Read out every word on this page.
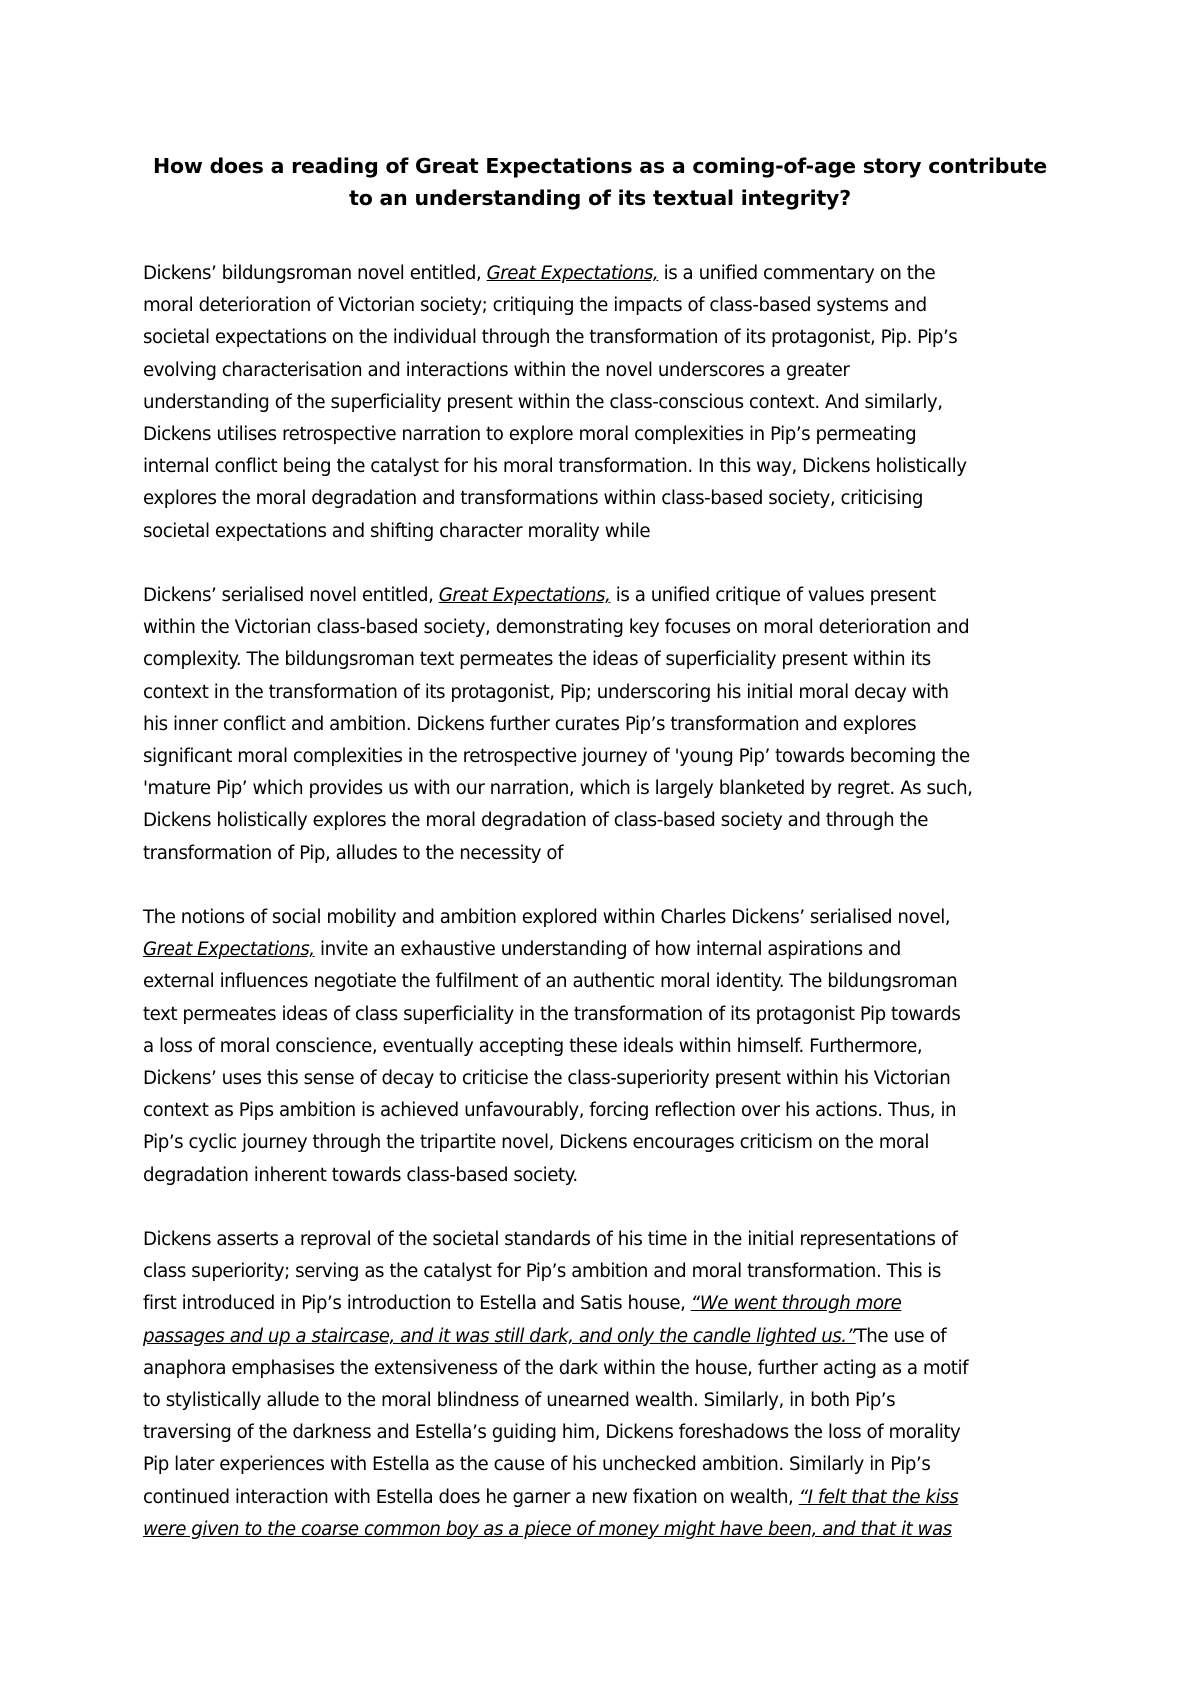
How does a reading of Great Expectations as a coming-of-age story contribute
to an understanding of its textual integrity?
Dickens’ bildungsroman novel entitled, Great Expectations, is a unified commentary on the
moral deterioration of Victorian society; critiquing the impacts of class-based systems and
societal expectations on the individual through the transformation of its protagonist, Pip. Pip’s
evolving characterisation and interactions within the novel underscores a greater
understanding of the superficiality present within the class-conscious context. And similarly,
Dickens utilises retrospective narration to explore moral complexities in Pip’s permeating
internal conflict being the catalyst for his moral transformation. In this way, Dickens holistically
explores the moral degradation and transformations within class-based society, criticising
societal expectations and shifting character morality while
Dickens’ serialised novel entitled, Great Expectations, is a unified critique of values present
within the Victorian class-based society, demonstrating key focuses on moral deterioration and
complexity. The bildungsroman text permeates the ideas of superficiality present within its
context in the transformation of its protagonist, Pip; underscoring his initial moral decay with
his inner conflict and ambition. Dickens further curates Pip’s transformation and explores
significant moral complexities in the retrospective journey of 'young Pip’ towards becoming the
'mature Pip’ which provides us with our narration, which is largely blanketed by regret. As such,
Dickens holistically explores the moral degradation of class-based society and through the
transformation of Pip, alludes to the necessity of
The notions of social mobility and ambition explored within Charles Dickens’ serialised novel,
Great Expectations, invite an exhaustive understanding of how internal aspirations and
external influences negotiate the fulfilment of an authentic moral identity. The bildungsroman
text permeates ideas of class superficiality in the transformation of its protagonist Pip towards
a loss of moral conscience, eventually accepting these ideals within himself. Furthermore,
Dickens’ uses this sense of decay to criticise the class-superiority present within his Victorian
context as Pips ambition is achieved unfavourably, forcing reflection over his actions. Thus, in
Pip’s cyclic journey through the tripartite novel, Dickens encourages criticism on the moral
degradation inherent towards class-based society.
Dickens asserts a reproval of the societal standards of his time in the initial representations of
class superiority; serving as the catalyst for Pip’s ambition and moral transformation. This is
first introduced in Pip’s introduction to Estella and Satis house, “We went through more
passages and up a staircase, and it was still dark, and only the candle lighted us.”The use of
anaphora emphasises the extensiveness of the dark within the house, further acting as a motif
to stylistically allude to the moral blindness of unearned wealth. Similarly, in both Pip’s
traversing of the darkness and Estella’s guiding him, Dickens foreshadows the loss of morality
Pip later experiences with Estella as the cause of his unchecked ambition. Similarly in Pip’s
continued interaction with Estella does he garner a new fixation on wealth, “I felt that the kiss
were given to the coarse common boy as a piece of money might have been, and that it was
